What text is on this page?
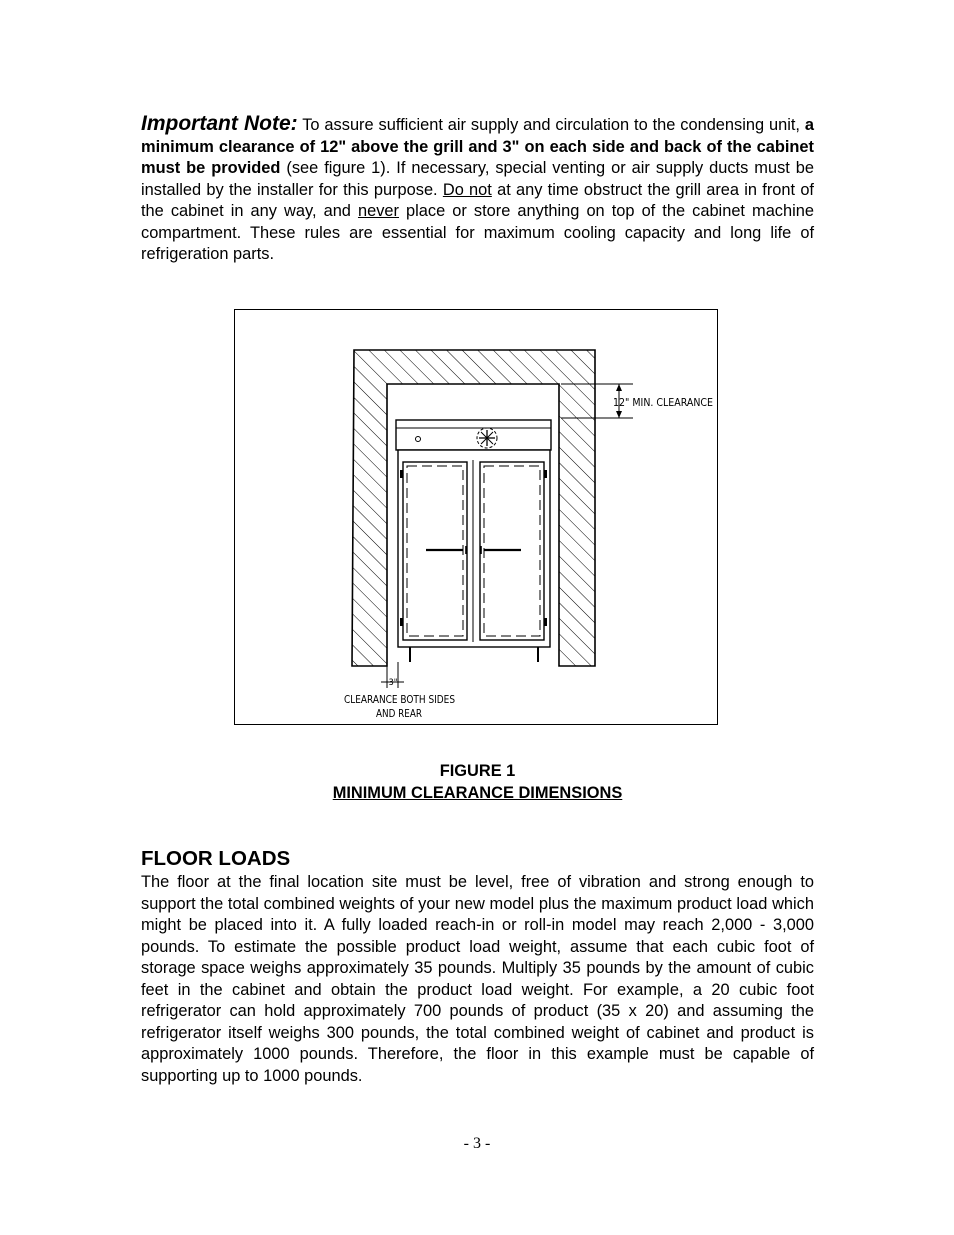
Important Note: To assure sufficient air supply and circulation to the condensing unit, a minimum clearance of 12" above the grill and 3" on each side and back of the cabinet must be provided (see figure 1). If necessary, special venting or air supply ducts must be installed by the installer for this purpose. Do not at any time obstruct the grill area in front of the cabinet in any way, and never place or store anything on top of the cabinet machine compartment. These rules are essential for maximum cooling capacity and long life of refrigeration parts.
12" MIN. CLEARANCE
3"
CLEARANCE BOTH SIDES
AND REAR
FIGURE 1
MINIMUM CLEARANCE DIMENSIONS
FLOOR LOADS
The floor at the final location site must be level, free of vibration and strong enough to support the total combined weights of your new model plus the maximum product load which might be placed into it. A fully loaded reach-in or roll-in model may reach 2,000 - 3,000 pounds. To estimate the possible product load weight, assume that each cubic foot of storage space weighs approximately 35 pounds. Multiply 35 pounds by the amount of cubic feet in the cabinet and obtain the product load weight. For example, a 20 cubic foot refrigerator can hold approximately 700 pounds of product (35 x 20) and assuming the refrigerator itself weighs 300 pounds, the total combined weight of cabinet and product is approximately 1000 pounds. Therefore, the floor in this example must be capable of supporting up to 1000 pounds.
- 3 -
